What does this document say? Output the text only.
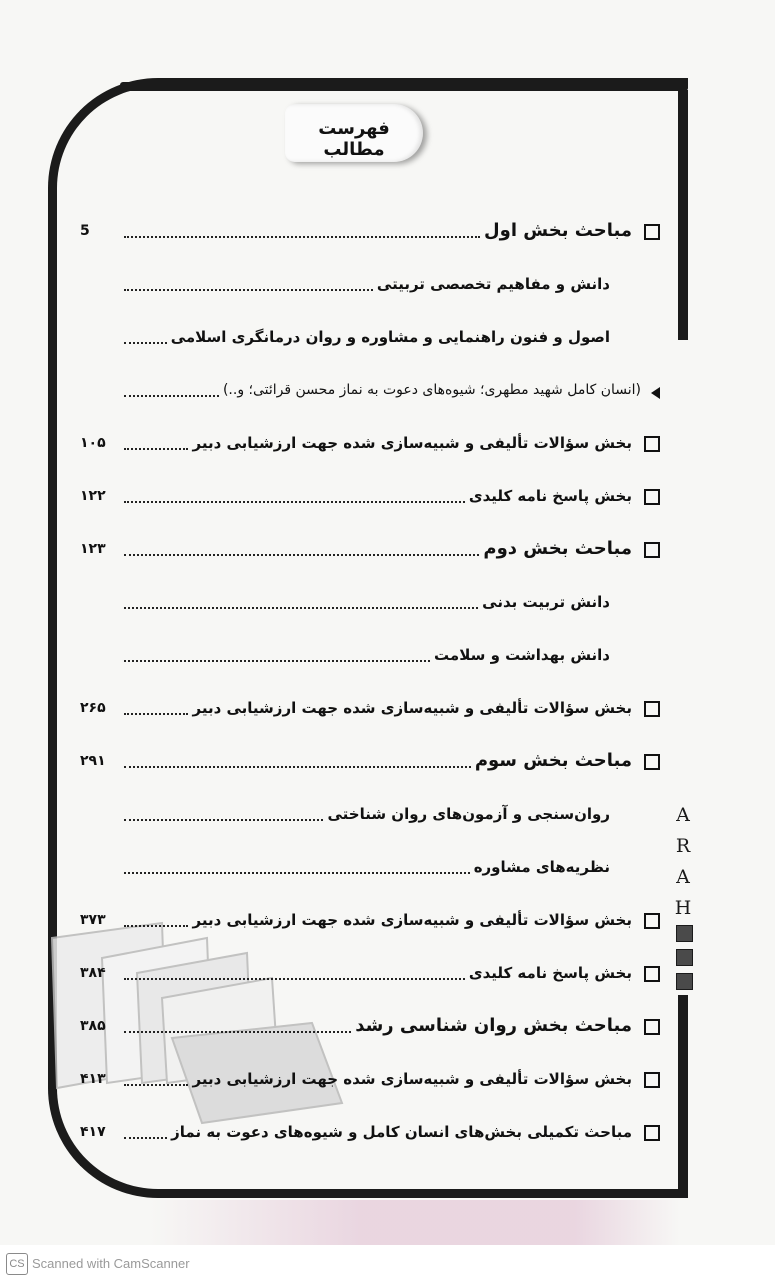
فهرست مطالب
مباحث بخش اول
5
دانش و مفاهیم تخصصی تربیتی
اصول و فنون راهنمایی و مشاوره و روان درمانگری اسلامی
(انسان کامل شهید مطهری؛ شیوه‌های دعوت به نماز محسن قرائتی؛ و..)
بخش سؤالات تألیفی و شبیه‌سازی شده جهت ارزشیابی دبیر
۱۰۵
بخش پاسخ نامه کلیدی
۱۲۲
مباحث بخش دوم
۱۲۳
دانش تربیت بدنی
دانش بهداشت و سلامت
بخش سؤالات تألیفی و شبیه‌سازی شده جهت ارزشیابی دبیر
۲۶۵
مباحث بخش سوم
۲۹۱
روان‌سنجی و آزمون‌های روان شناختی
نظریه‌های مشاوره
بخش سؤالات تألیفی و شبیه‌سازی شده جهت ارزشیابی دبیر
۳۷۳
بخش پاسخ نامه کلیدی
۳۸۴
مباحث بخش روان شناسی رشد
۳۸۵
بخش سؤالات تألیفی و شبیه‌سازی شده جهت ارزشیابی دبیر
۴۱۳
مباحث تکمیلی بخش‌های انسان کامل و شیوه‌های دعوت به نماز
۴۱۷
A
R
A
H
CS Scanned with CamScanner
